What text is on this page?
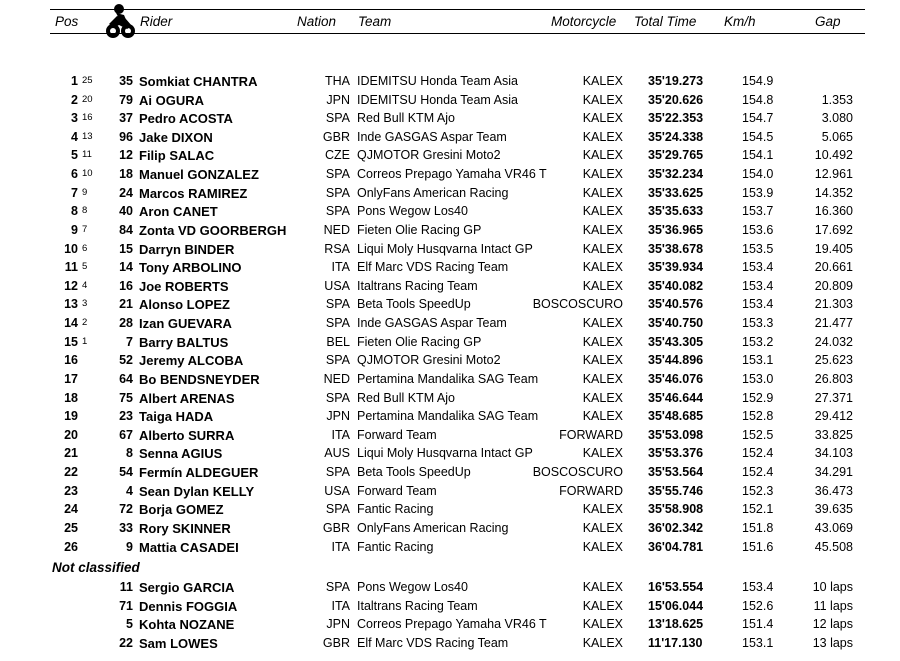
Pos	Rider	Nation Team	Motorcycle Total Time Km/h	Gap
1 25	35 Somkiat CHANTRA	THA IDEMITSU Honda Team Asia	KALEX 35'19.273	154.9
2 20	79 Ai OGURA	JPN IDEMITSU Honda Team Asia	KALEX 35'20.626	154.8	1.353
3 16	37 Pedro ACOSTA	SPA Red Bull KTM Ajo	KALEX 35'22.353	154.7	3.080
4 13	96 Jake DIXON	GBR Inde GASGAS Aspar Team	KALEX 35'24.338	154.5	5.065
5 11	12 Filip SALAC	CZE QJMOTOR Gresini Moto2	KALEX 35'29.765	154.1	10.492
6 10	18 Manuel GONZALEZ	SPA Correos Prepago Yamaha VR46 T	KALEX 35'32.234	154.0	12.961
7 9	24 Marcos RAMIREZ	SPA OnlyFans American Racing	KALEX 35'33.625	153.9	14.352
8 8	40 Aron CANET	SPA Pons Wegow Los40	KALEX 35'35.633	153.7	16.360
9 7	84 Zonta VD GOORBERGH	NED Fieten Olie Racing GP	KALEX 35'36.965	153.6	17.692
10 6	15 Darryn BINDER	RSA Liqui Moly Husqvarna Intact GP	KALEX 35'38.678	153.5	19.405
11 5	14 Tony ARBOLINO	ITA Elf Marc VDS Racing Team	KALEX 35'39.934	153.4	20.661
12 4	16 Joe ROBERTS	USA Italtrans Racing Team	KALEX 35'40.082	153.4	20.809
13 3	21 Alonso LOPEZ	SPA Beta Tools SpeedUp	BOSCOSCURO 35'40.576	153.4	21.303
14 2	28 Izan GUEVARA	SPA Inde GASGAS Aspar Team	KALEX 35'40.750	153.3	21.477
15 1	7 Barry BALTUS	BEL Fieten Olie Racing GP	KALEX 35'43.305	153.2	24.032
16	52 Jeremy ALCOBA	SPA QJMOTOR Gresini Moto2	KALEX 35'44.896	153.1	25.623
17	64 Bo BENDSNEYDER	NED Pertamina Mandalika SAG Team	KALEX 35'46.076	153.0	26.803
18	75 Albert ARENAS	SPA Red Bull KTM Ajo	KALEX 35'46.644	152.9	27.371
19	23 Taiga HADA	JPN Pertamina Mandalika SAG Team	KALEX 35'48.685	152.8	29.412
20	67 Alberto SURRA	ITA Forward Team	FORWARD 35'53.098	152.5	33.825
21	8 Senna AGIUS	AUS Liqui Moly Husqvarna Intact GP	KALEX 35'53.376	152.4	34.103
22	54 Fermín ALDEGUER	SPA Beta Tools SpeedUp	BOSCOSCURO 35'53.564	152.4	34.291
23	4 Sean Dylan KELLY	USA Forward Team	FORWARD 35'55.746	152.3	36.473
24	72 Borja GOMEZ	SPA Fantic Racing	KALEX 35'58.908	152.1	39.635
25	33 Rory SKINNER	GBR OnlyFans American Racing	KALEX 36'02.342	151.8	43.069
26	9 Mattia CASADEI	ITA Fantic Racing	KALEX 36'04.781	151.6	45.508
Not classified
11 Sergio GARCIA	SPA Pons Wegow Los40	KALEX 16'53.554	153.4	10 laps
71 Dennis FOGGIA	ITA Italtrans Racing Team	KALEX 15'06.044	152.6	11 laps
5 Kohta NOZANE	JPN Correos Prepago Yamaha VR46 T	KALEX 13'18.625	151.4	12 laps
22 Sam LOWES	GBR Elf Marc VDS Racing Team	KALEX 11'17.130	153.1	13 laps
